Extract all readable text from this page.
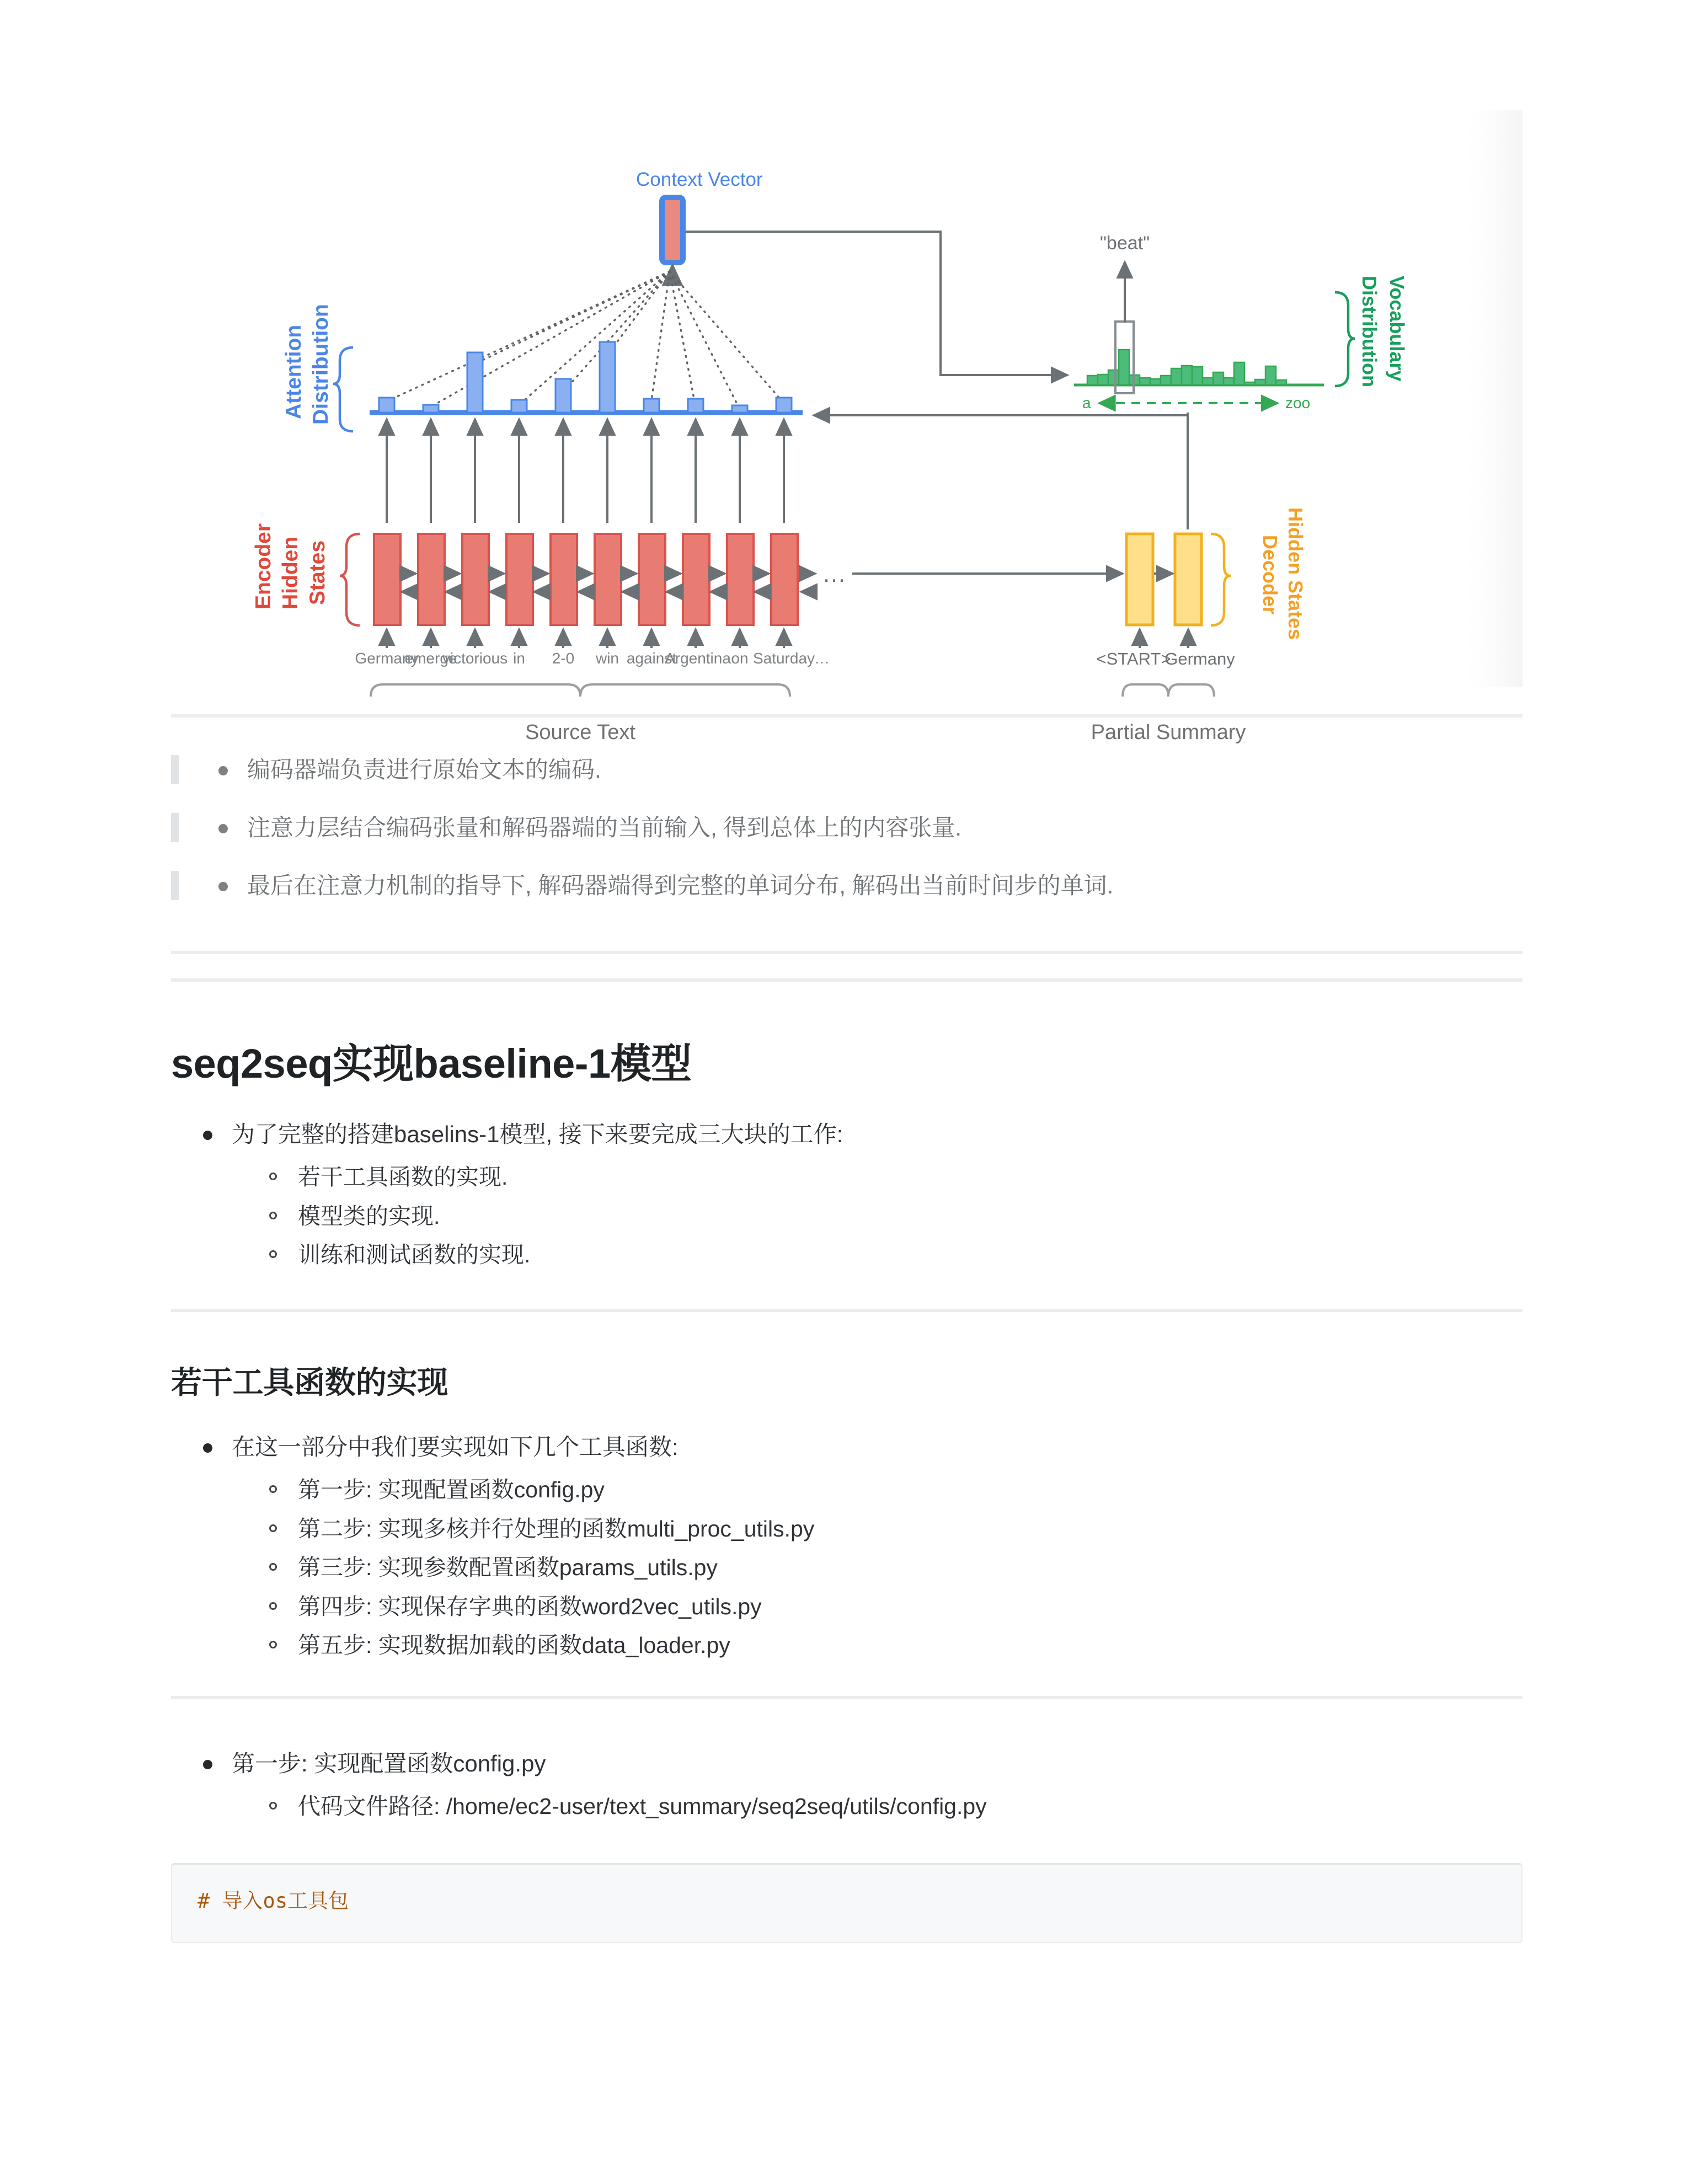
Context Vector
Attention Distribution
…
Encoder Hidden States
Germany
emerge
victorious in 2-0 win against
Argentina on Saturday
…	<START>
Germany
Decoder Hidden States
"beat"
a	zoo
Vocabulary
Distribution
Source Text	Partial Summary
编码器端负责进行原始文本的编码.
注意力层结合编码张量和解码器端的当前输入, 得到总体上的内容张量.
最后在注意力机制的指导下, 解码器端得到完整的单词分布, 解码出当前时间步的单词.
seq2seq实现baseline-1模型
为了完整的搭建baselins-1模型, 接下来要完成三大块的工作:
若干工具函数的实现.
模型类的实现.
训练和测试函数的实现.
若干工具函数的实现
在这一部分中我们要实现如下几个工具函数:
第一步: 实现配置函数config.py
第二步: 实现多核并行处理的函数multi_proc_utils.py
第三步: 实现参数配置函数params_utils.py
第四步: 实现保存字典的函数word2vec_utils.py
第五步: 实现数据加载的函数data_loader.py
第一步: 实现配置函数config.py
代码文件路径: /home/ec2-user/text_summary/seq2seq/utils/config.py
# 导入os工具包
